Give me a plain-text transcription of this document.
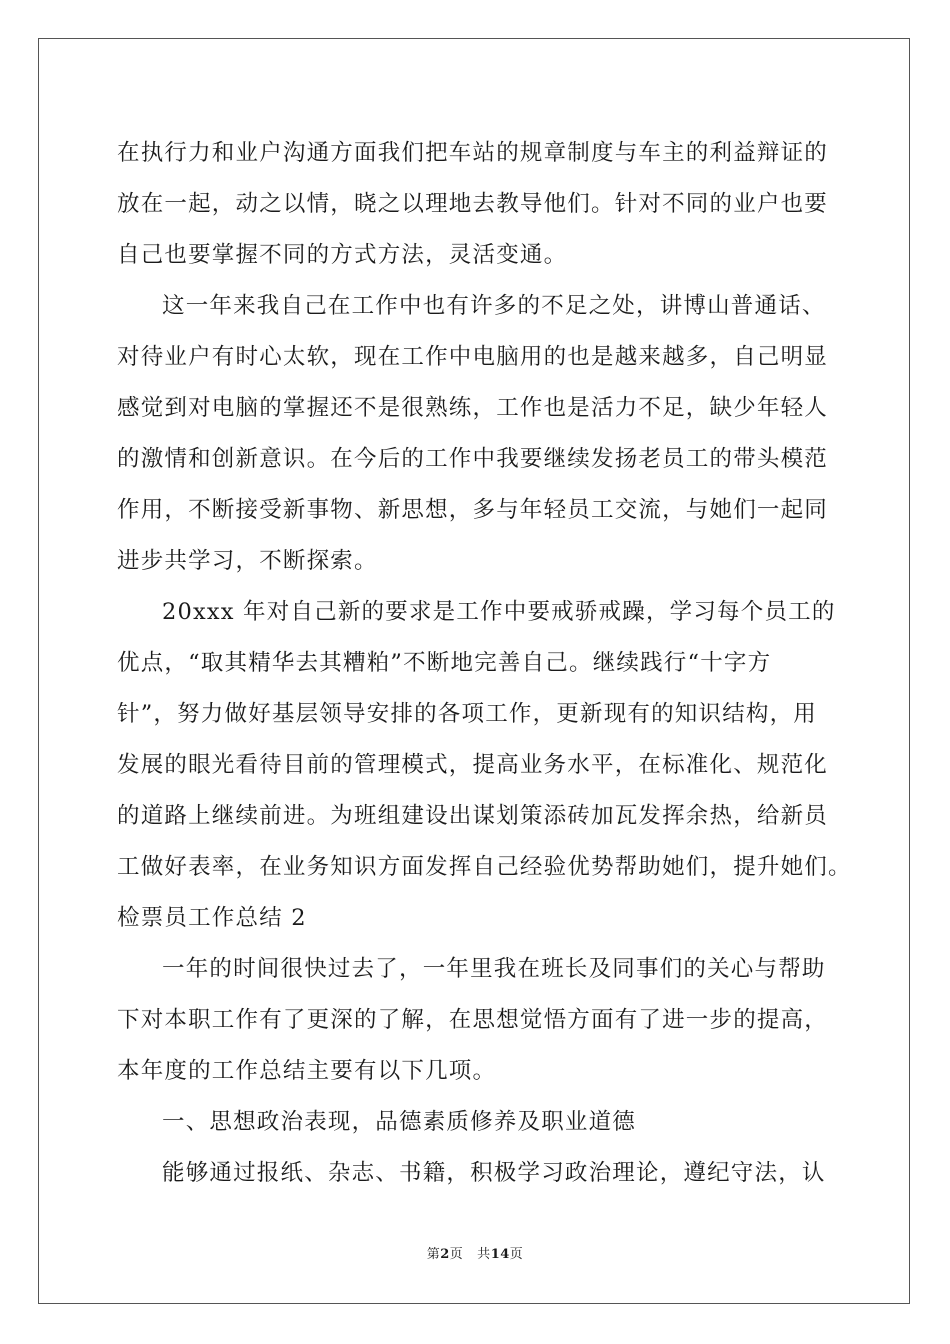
在执行力和业户沟通方面我们把车站的规章制度与车主的利益辩证的
放在一起，动之以情，晓之以理地去教导他们。针对不同的业户也要
自己也要掌握不同的方式方法，灵活变通。
这一年来我自己在工作中也有许多的不足之处，讲博山普通话、
对待业户有时心太软，现在工作中电脑用的也是越来越多，自己明显
感觉到对电脑的掌握还不是很熟练，工作也是活力不足，缺少年轻人
的激情和创新意识。在今后的工作中我要继续发扬老员工的带头模范
作用，不断接受新事物、新思想，多与年轻员工交流，与她们一起同
进步共学习，不断探索。
20xxx 年对自己新的要求是工作中要戒骄戒躁，学习每个员工的
优点，“取其精华去其糟粕”不断地完善自己。继续践行“十字方
针”，努力做好基层领导安排的各项工作，更新现有的知识结构，用
发展的眼光看待目前的管理模式，提高业务水平，在标准化、规范化
的道路上继续前进。为班组建设出谋划策添砖加瓦发挥余热，给新员
工做好表率，在业务知识方面发挥自己经验优势帮助她们，提升她们。
检票员工作总结 2
一年的时间很快过去了，一年里我在班长及同事们的关心与帮助
下对本职工作有了更深的了解，在思想觉悟方面有了进一步的提高，
本年度的工作总结主要有以下几项。
一、思想政治表现，品德素质修养及职业道德
能够通过报纸、杂志、书籍，积极学习政治理论，遵纪守法，认
第2页 共14页
